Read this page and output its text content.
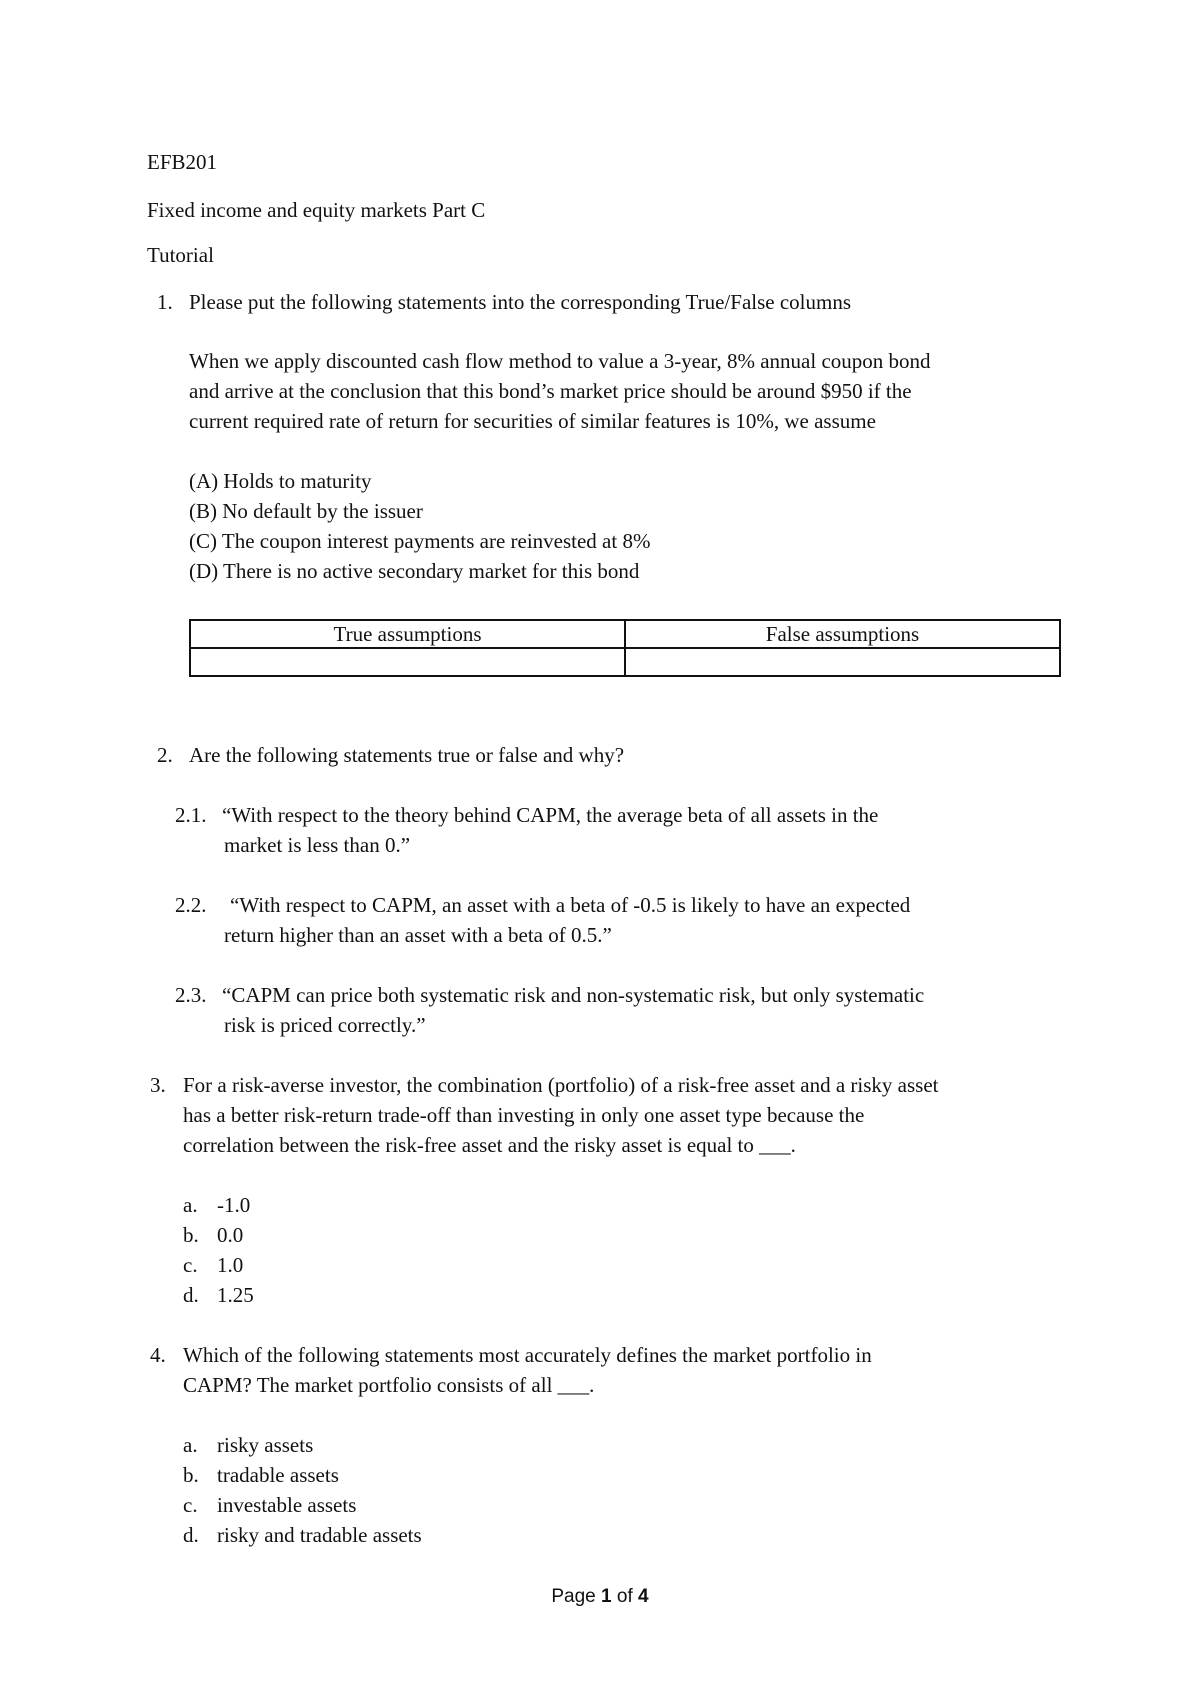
EFB201
Fixed income and equity markets Part C
Tutorial
1. Please put the following statements into the corresponding True/False columns
When we apply discounted cash flow method to value a 3-year, 8% annual coupon bond
and arrive at the conclusion that this bond’s market price should be around $950 if the
current required rate of return for securities of similar features is 10%, we assume
(A) Holds to maturity
(B) No default by the issuer
(C) The coupon interest payments are reinvested at 8%
(D) There is no active secondary market for this bond
True assumptions	False assumptions

2. Are the following statements true or false and why?
2.1. “With respect to the theory behind CAPM, the average beta of all assets in the
market is less than 0.”
2.2. “With respect to CAPM, an asset with a beta of -0.5 is likely to have an expected
return higher than an asset with a beta of 0.5.”
2.3. “CAPM can price both systematic risk and non-systematic risk, but only systematic
risk is priced correctly.”
3. For a risk-averse investor, the combination (portfolio) of a risk-free asset and a risky asset
has a better risk-return trade-off than investing in only one asset type because the
correlation between the risk-free asset and the risky asset is equal to ___.
a. -1.0
b. 0.0
c. 1.0
d. 1.25
4. Which of the following statements most accurately defines the market portfolio in
CAPM? The market portfolio consists of all ___.
a. risky assets
b. tradable assets
c. investable assets
d. risky and tradable assets
Page 1 of 4
